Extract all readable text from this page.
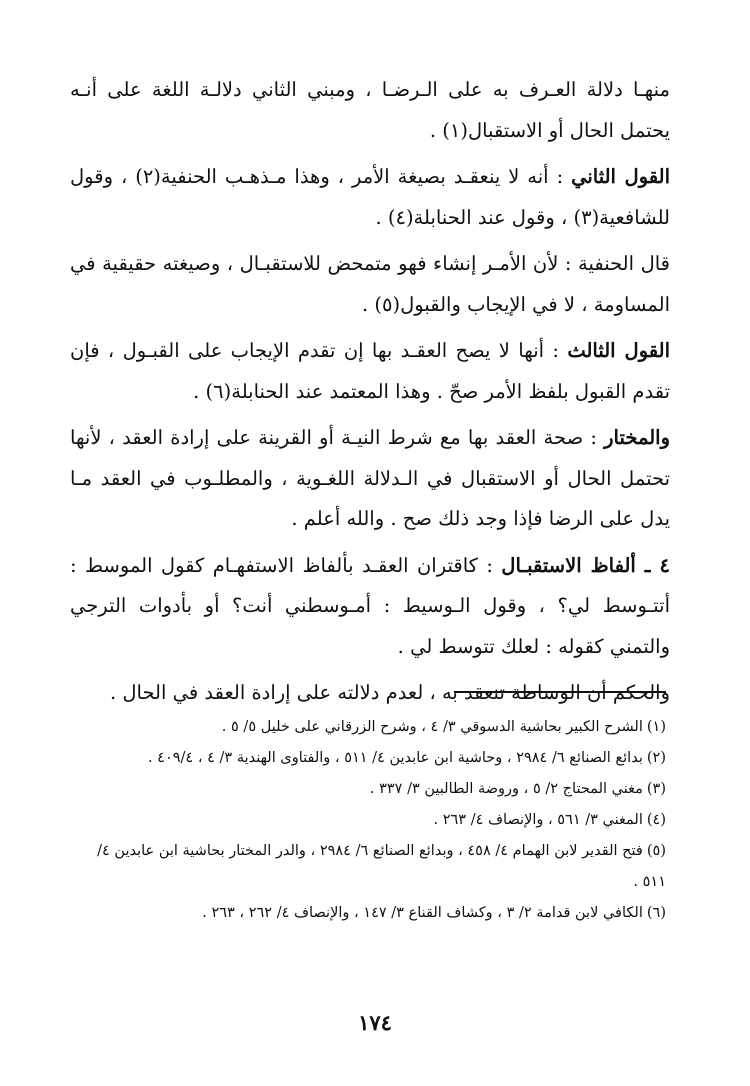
منهـا دلالة العـرف به على الـرضـا ، ومبني الثاني دلالـة اللغة على أنـه يحتمل الحال أو الاستقبال(١) .

القول الثاني : أنه لا ينعقـد بصيغة الأمر ، وهذا مـذهـب الحنفية(٢) ، وقول للشافعية(٣) ، وقول عند الحنابلة(٤) .

قال الحنفية : لأن الأمـر إنشاء فهو متمحض للاستقبـال ، وصيغته حقيقية في المساومة ، لا في الإيجاب والقبول(٥) .

القول الثالث : أنها لا يصح العقـد بها إن تقدم الإيجاب على القبـول ، فإن تقدم القبول بلفظ الأمر صحّ . وهذا المعتمد عند الحنابلة(٦) .

والمختار : صحة العقد بها مع شرط النيـة أو القرينة على إرادة العقد ، لأنها تحتمل الحال أو الاستقبال في الـدلالة اللغـوية ، والمطلـوب في العقد مـا يدل على الرضا فإذا وجد ذلك صح . والله أعلم .

٤ ـ ألفاظ الاستقبـال : كاقتران العقـد بألفاظ الاستفهـام كقول الموسط : أتتـوسط لي؟ ، وقول الـوسيط : أمـوسطني أنت؟ أو بأدوات الترجي والتمني كقوله : لعلك تتوسط لي .

والحكم أن الوساطة تنعقد به ، لعدم دلالته على إرادة العقد في الحال .

(١)الشرح الكبير بحاشية الدسوقي ٣/ ٤ ، وشرح الزرقاني على خليل ٥/ ٥ .

(٢)بدائع الصنائع ٦/ ٢٩٨٤ ، وحاشية ابن عابدين ٤/ ٥١١ ، والفتاوى الهندية ٣/ ٤ ، ٤٠٩/٤ .

(٣)مغني المحتاج ٢/ ٥ ، وروضة الطالبين ٣/ ٣٣٧ .

(٤)المغني ٣/ ٥٦١ ، والإنصاف ٤/ ٢٦٣ .

(٥)فتح القدير لابن الهمام ٤/ ٤٥٨ ، وبدائع الصنائع ٦/ ٢٩٨٤ ، والدر المختار بحاشية ابن عابدين ٤/ ٥١١ .

(٦)الكافي لابن قدامة ٢/ ٣ ، وكشاف القناع ٣/ ١٤٧ ، والإنصاف ٤/ ٢٦٢ ، ٢٦٣ .

١٧٤
